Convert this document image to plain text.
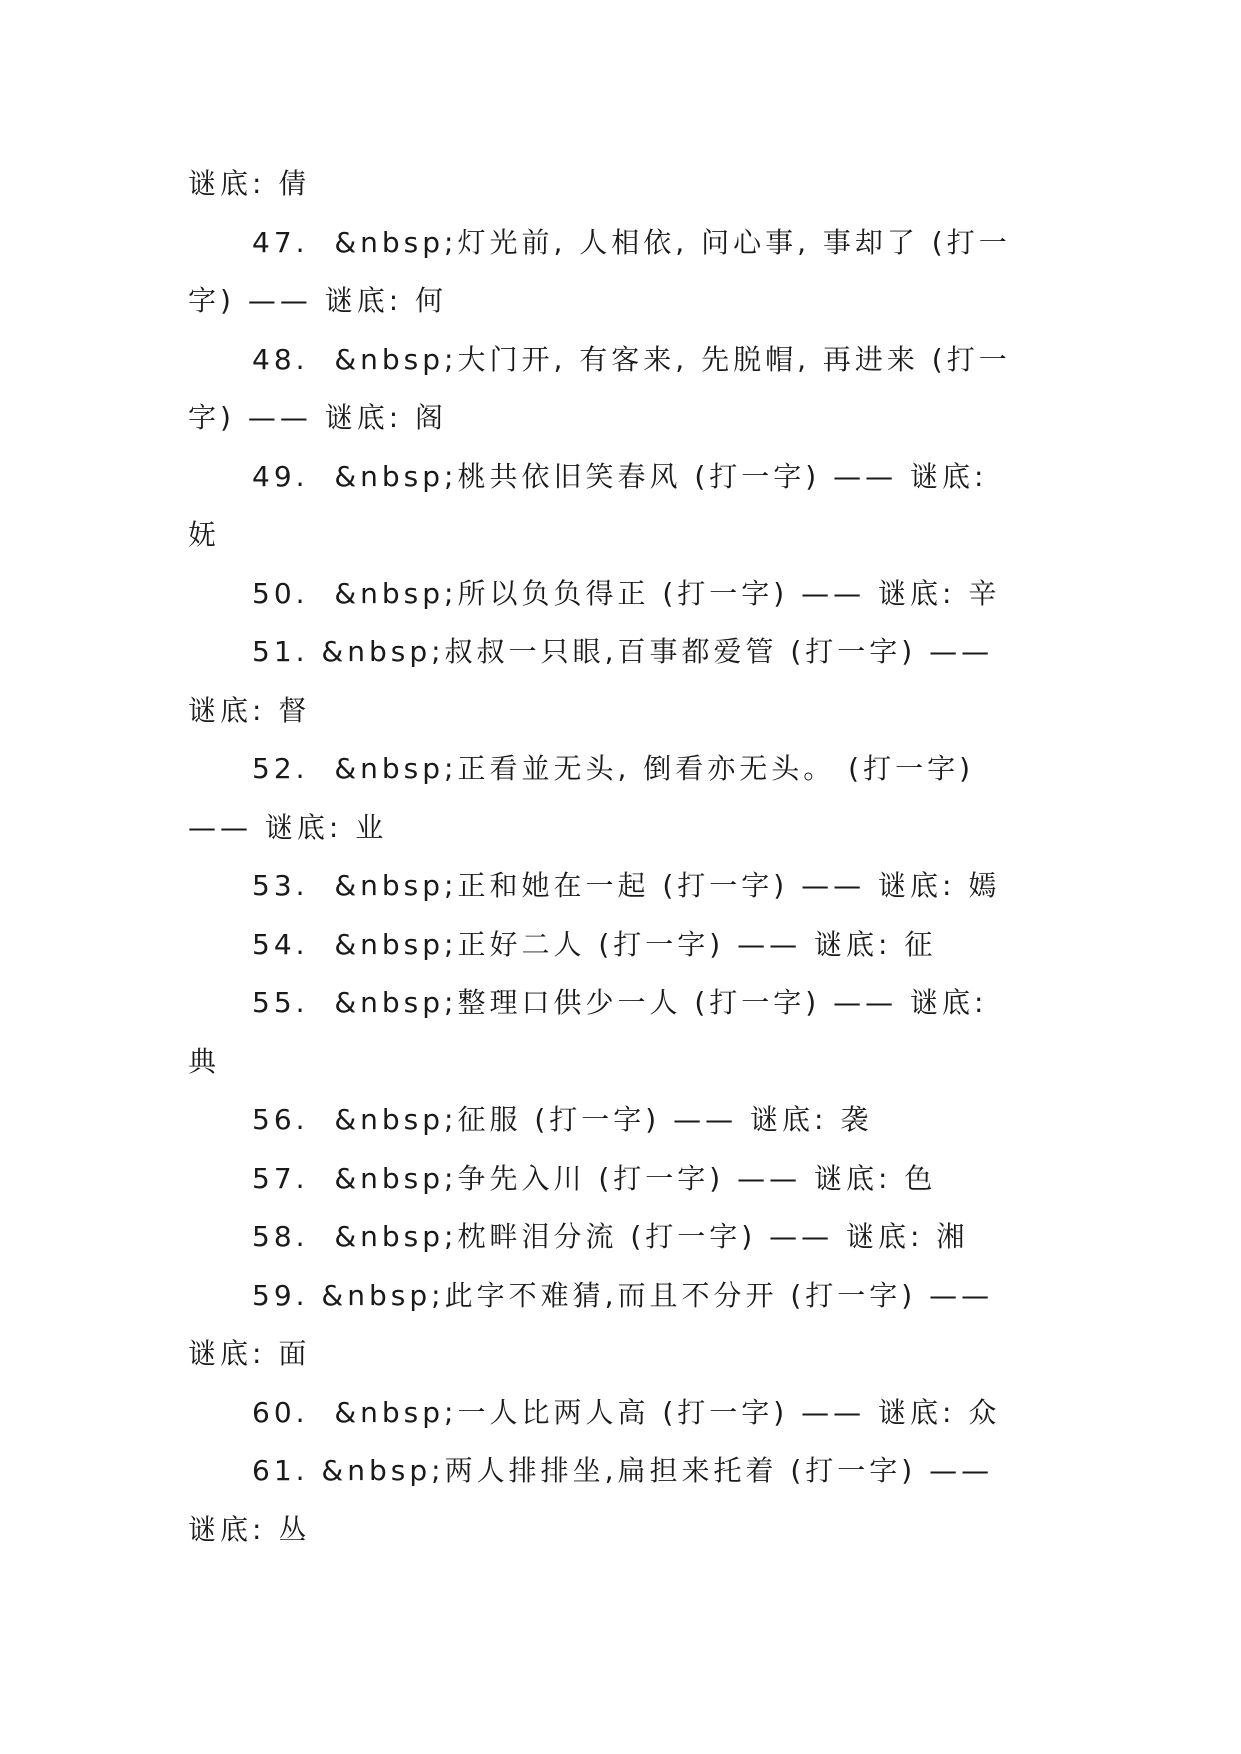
谜底: 倩
47.  &nbsp;灯光前, 人相依, 问心事, 事却了 (打一
字) —— 谜底: 何
48.  &nbsp;大门开, 有客来, 先脱帽, 再进来 (打一
字) —— 谜底: 阁
49.  &nbsp;桃共依旧笑春风 (打一字) —— 谜底:
妩
50.  &nbsp;所以负负得正 (打一字) —— 谜底: 辛
51. &nbsp;叔叔一只眼,百事都爱管 (打一字) ——
谜底: 督
52.  &nbsp;正看並无头, 倒看亦无头。 (打一字)
—— 谜底: 业
53.  &nbsp;正和她在一起 (打一字) —— 谜底: 嫣
54.  &nbsp;正好二人 (打一字) —— 谜底: 征
55.  &nbsp;整理口供少一人 (打一字) —— 谜底:
典
56.  &nbsp;征服 (打一字) —— 谜底: 袭
57.  &nbsp;争先入川 (打一字) —— 谜底: 色
58.  &nbsp;枕畔泪分流 (打一字) —— 谜底: 湘
59. &nbsp;此字不难猜,而且不分开 (打一字) ——
谜底: 面
60.  &nbsp;一人比两人高 (打一字) —— 谜底: 众
61. &nbsp;两人排排坐,扁担来托着 (打一字) ——
谜底: 丛
